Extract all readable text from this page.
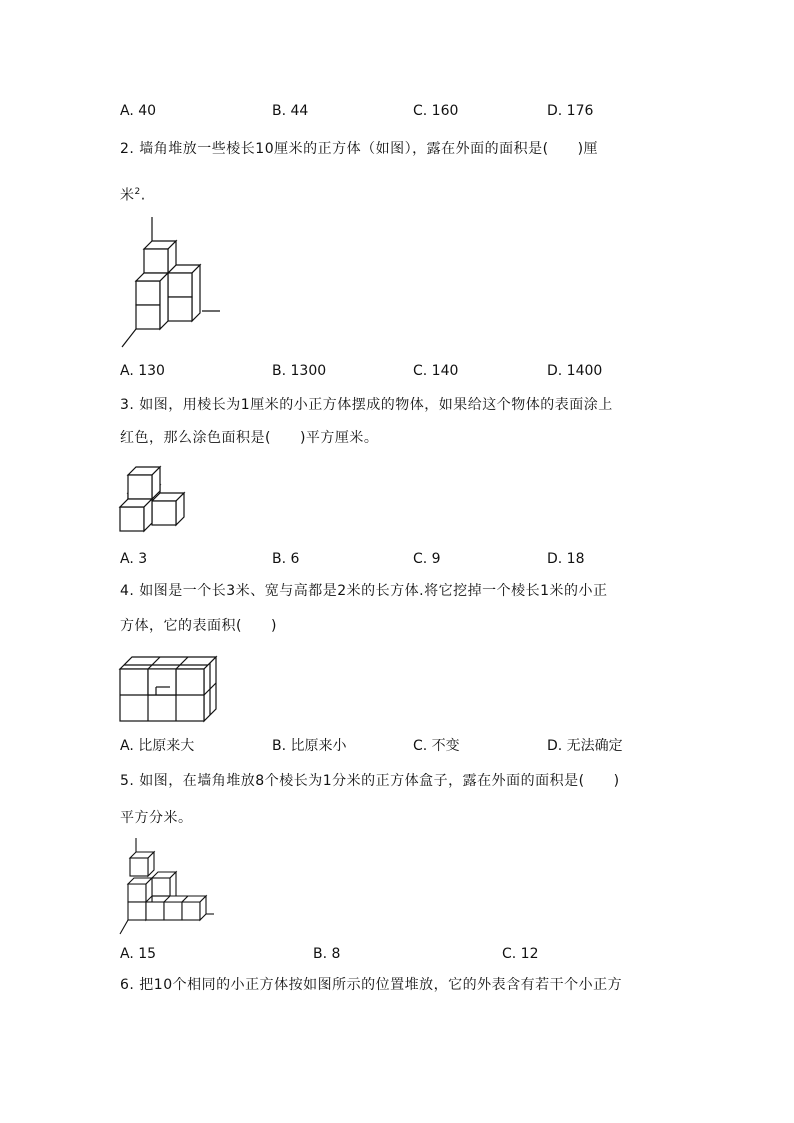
A. 40	B. 44	C. 160	D. 176
2. 墙角堆放一些棱长10厘米的正方体（如图），露在外面的面积是(　　)厘
米$^2$.
A. 130	B. 1300	C. 140	D. 1400
3. 如图，用棱长为1厘米的小正方体摆成的物体，如果给这个物体的表面涂上
红色，那么涂色面积是(　　)平方厘米。
A. 3	B. 6	C. 9	D. 18
4. 如图是一个长3米、宽与高都是2米的长方体.将它挖掉一个棱长1米的小正
方体，它的表面积(　　)
A. 比原来大	B. 比原来小	C. 不变	D. 无法确定
5. 如图，在墙角堆放8个棱长为1分米的正方体盒子，露在外面的面积是(　　)
平方分米。
A. 15	B. 8	C. 12
6. 把10个相同的小正方体按如图所示的位置堆放，它的外表含有若干个小正方
